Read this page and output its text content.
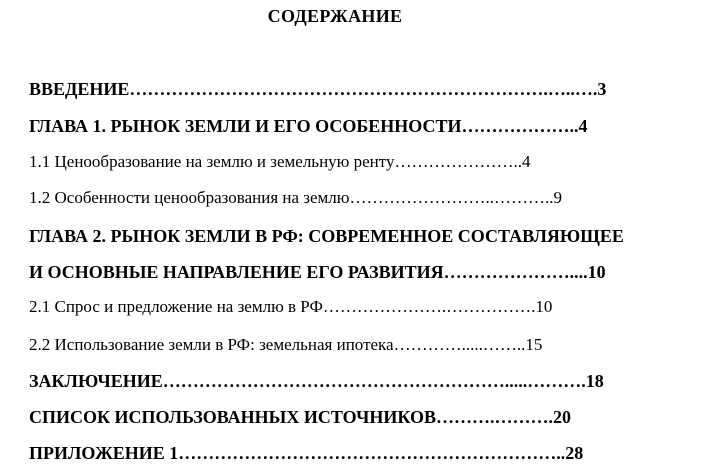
СОДЕРЖАНИЕ
ВВЕДЕНИЕ…………………………………………………………….…..….3
ГЛАВА 1. РЫНОК ЗЕМЛИ И ЕГО ОСОБЕННОСТИ………………..4
1.1 Ценообразование на землю и земельную ренту…………………..4
1.2 Особенности ценообразования на землю……………………..………..9
ГЛАВА 2. РЫНОК ЗЕМЛИ В РФ: СОВРЕМЕННОЕ СОСТАВЛЯЮЩЕЕ
И ОСНОВНЫЕ НАПРАВЛЕНИЕ ЕГО РАЗВИТИЯ…………………....10
2.1 Спрос и предложение на землю в РФ………………….…………….10
2.2 Использование земли в РФ: земельная ипотека………….....……..15
ЗАКЛЮЧЕНИЕ………………………………………………….....……….18
СПИСОК ИСПОЛЬЗОВАННЫХ ИСТОЧНИКОВ……….……….20
ПРИЛОЖЕНИЕ 1………………………………………………………..28
